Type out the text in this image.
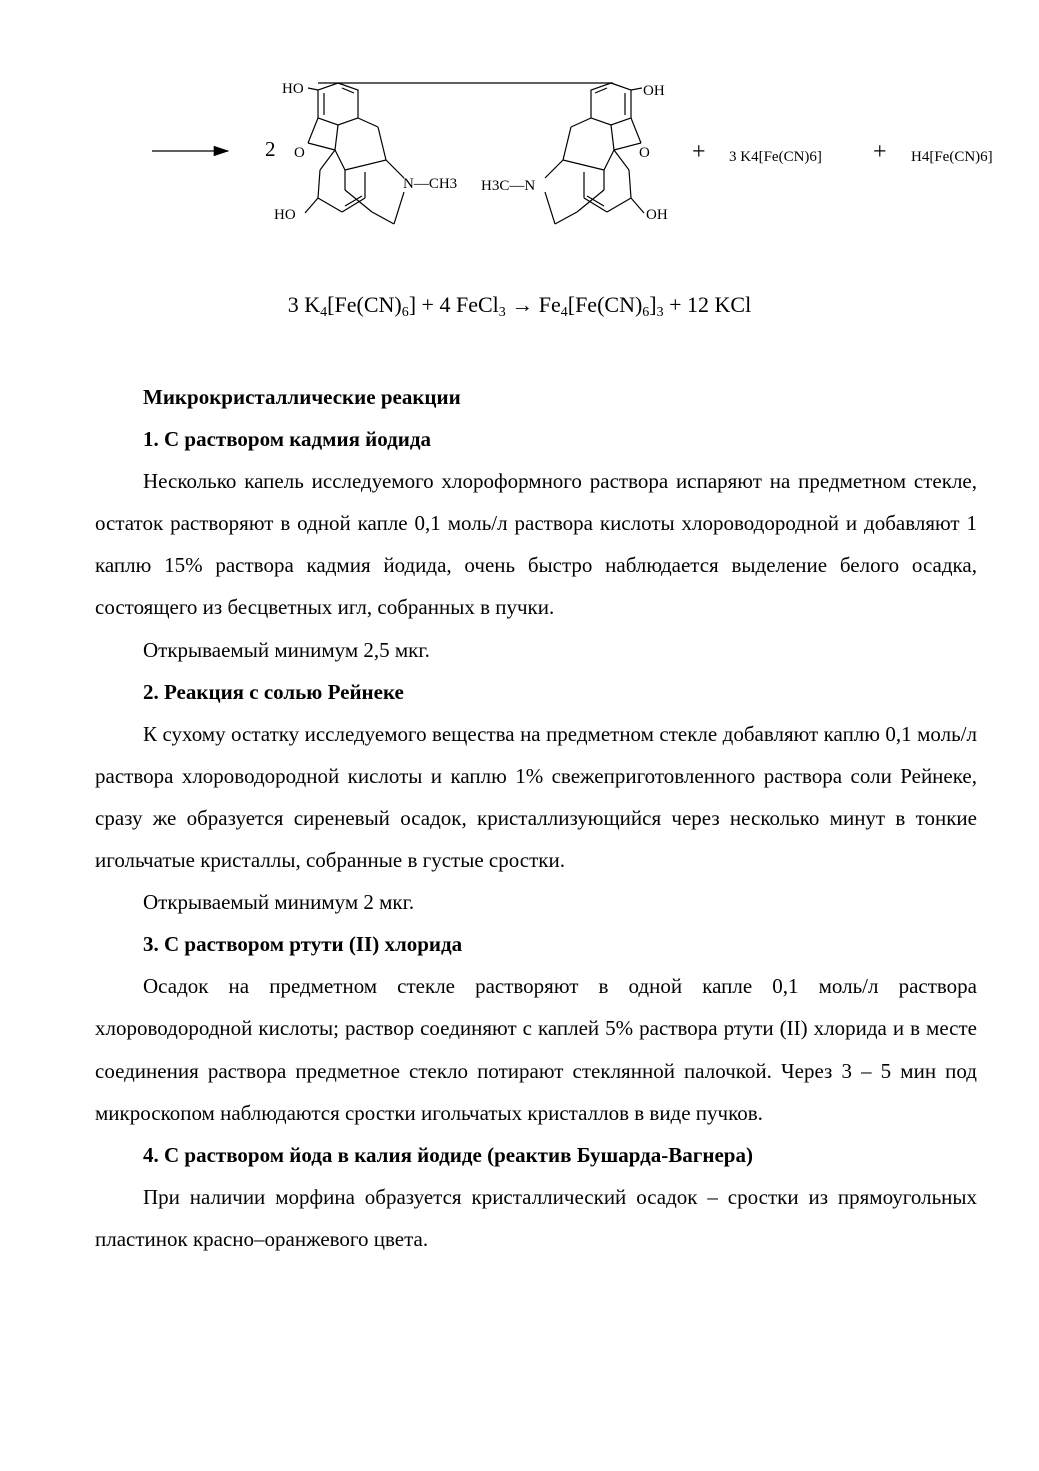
HO
2 O
HO
N—CH3
OH
O
OH
H3C—N
+ 3 K4[Fe(CN)6] + H4[Fe(CN)6]
3 $K_4[Fe(CN)_6] + 4$ FeCl$_3$ → $Fe_4[Fe(CN)_6]_3 + 12$ KCl

Микрокристаллические реакции

1. С раствором кадмия йодида

Несколько капель исследуемого хлороформного раствора испаряют на предметном стекле, остаток растворяют в одной капле 0,1 моль/л раствора кислоты хлороводородной и добавляют 1 каплю 15% раствора кадмия йодида, очень быстро наблюдается выделение белого осадка, состоящего из бесцветных игл, собранных в пучки.

Открываемый минимум 2,5 мкг.

2. Реакция с солью Рейнеке

К сухому остатку исследуемого вещества на предметном стекле добавляют каплю 0,1 моль/л раствора хлороводородной кислоты и каплю 1% свежеприготовленного раствора соли Рейнеке, сразу же образуется сиреневый осадок, кристаллизующийся через несколько минут в тонкие игольчатые кристаллы, собранные в густые сростки.

Открываемый минимум 2 мкг.

3. С раствором ртути (II) хлорида

Осадок на предметном стекле растворяют в одной капле 0,1 моль/л раствора хлороводородной кислоты; раствор соединяют с каплей 5% раствора ртути (II) хлорида и в месте соединения раствора предметное стекло потирают стеклянной палочкой. Через 3 – 5 мин под микроскопом наблюдаются сростки игольчатых кристаллов в виде пучков.

4. С раствором йода в калия йодиде (реактив Бушарда-Вагнера)

При наличии морфина образуется кристаллический осадок – сростки из прямоугольных пластинок красно–оранжевого цвета.
